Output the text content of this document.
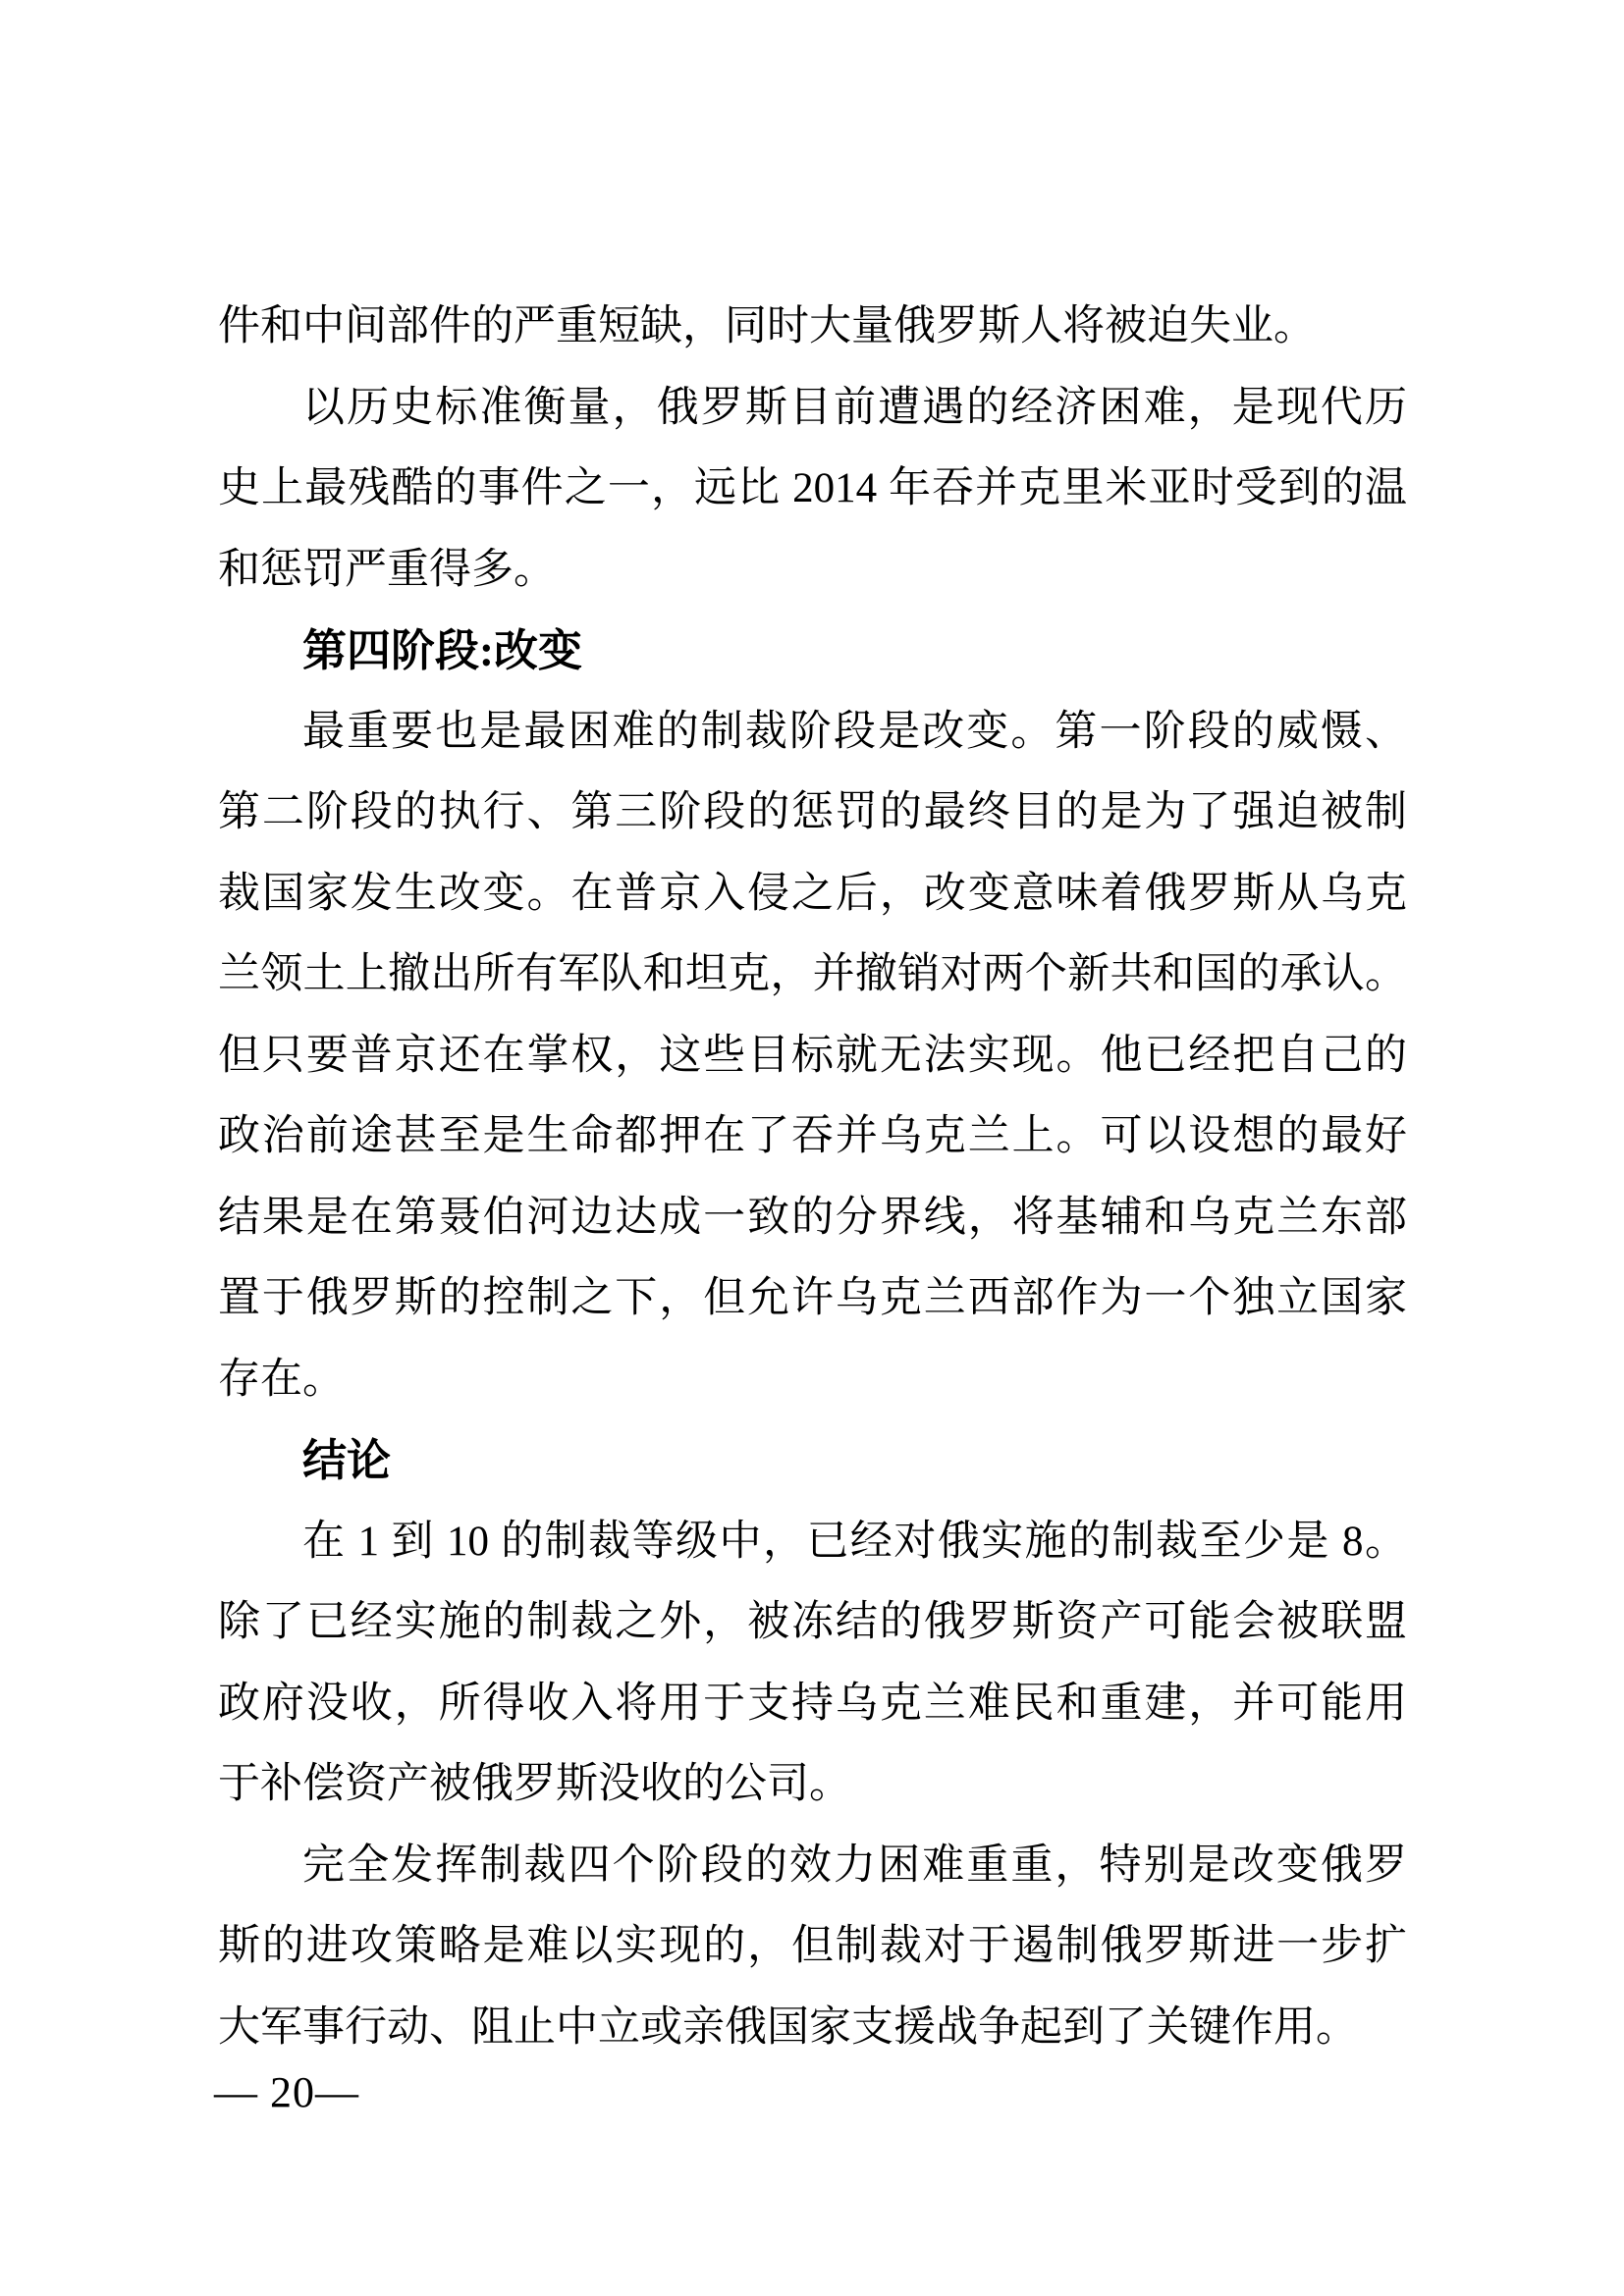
件和中间部件的严重短缺，同时大量俄罗斯人将被迫失业。
以历史标准衡量，俄罗斯目前遭遇的经济困难，是现代历
史上最残酷的事件之一，远比 2014 年吞并克里米亚时受到的温
和惩罚严重得多。
第四阶段:改变
最重要也是最困难的制裁阶段是改变。第一阶段的威慑、
第二阶段的执行、第三阶段的惩罚的最终目的是为了强迫被制
裁国家发生改变。在普京入侵之后，改变意味着俄罗斯从乌克
兰领土上撤出所有军队和坦克，并撤销对两个新共和国的承认。
但只要普京还在掌权，这些目标就无法实现。他已经把自己的
政治前途甚至是生命都押在了吞并乌克兰上。可以设想的最好
结果是在第聂伯河边达成一致的分界线，将基辅和乌克兰东部
置于俄罗斯的控制之下，但允许乌克兰西部作为一个独立国家
存在。
结论
在 1 到 10 的制裁等级中，已经对俄实施的制裁至少是 8。
除了已经实施的制裁之外，被冻结的俄罗斯资产可能会被联盟
政府没收，所得收入将用于支持乌克兰难民和重建，并可能用
于补偿资产被俄罗斯没收的公司。
完全发挥制裁四个阶段的效力困难重重，特别是改变俄罗
斯的进攻策略是难以实现的，但制裁对于遏制俄罗斯进一步扩
大军事行动、阻止中立或亲俄国家支援战争起到了关键作用。
— 20—
